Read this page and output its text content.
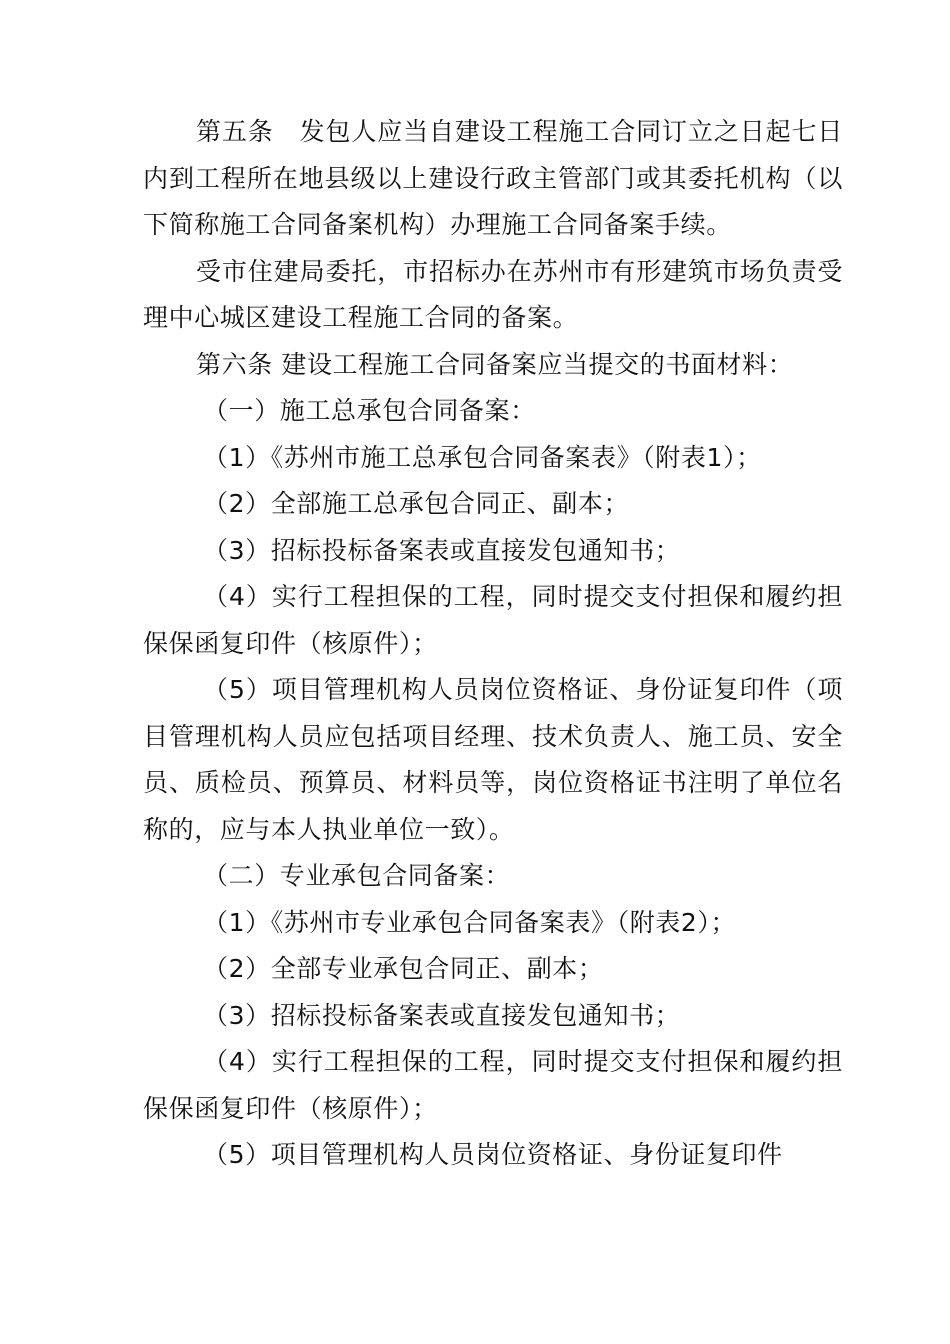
第五条　发包人应当自建设工程施工合同订立之日起七日内到工程所在地县级以上建设行政主管部门或其委托机构（以下简称施工合同备案机构）办理施工合同备案手续。

受市住建局委托，市招标办在苏州市有形建筑市场负责受理中心城区建设工程施工合同的备案。

第六条 建设工程施工合同备案应当提交的书面材料：

（一）施工总承包合同备案：

（1）《苏州市施工总承包合同备案表》（附表1）；

（2）全部施工总承包合同正、副本；

（3）招标投标备案表或直接发包通知书；

（4）实行工程担保的工程，同时提交支付担保和履约担保保函复印件（核原件）；

（5）项目管理机构人员岗位资格证、身份证复印件（项目管理机构人员应包括项目经理、技术负责人、施工员、安全员、质检员、预算员、材料员等，岗位资格证书注明了单位名称的，应与本人执业单位一致）。

（二）专业承包合同备案：

（1）《苏州市专业承包合同备案表》（附表2）；

（2）全部专业承包合同正、副本；

（3）招标投标备案表或直接发包通知书；

（4）实行工程担保的工程，同时提交支付担保和履约担保保函复印件（核原件）；

（5）项目管理机构人员岗位资格证、身份证复印件
